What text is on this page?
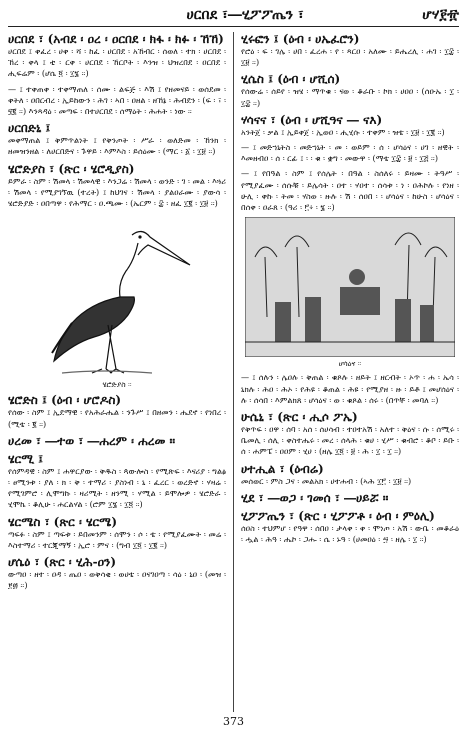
ሀርበደ ፣―ሂፖፖጤን ፣	ሆሃ፻፹
ሀርበደ ፣ (አብደ ፡ ዐረ ፡ ዐርበደ ፡ ክፋ ፡ ክፉ ፡ ኸኸ)
ሀርበደ ፤ ቀፈረ ፡ ሀቀ ፡ ሻ ፡ ከፈ ፡ ሀርበደ ፡ አኸብር ፡ ሰወለ ፡ ተክ ፡ ሀርበደ ፡ ኸረ ፡ ቀላ ፤ ቲ ፡ ርቀ ፡ ሀርበደ ፡ ኸርቦት ፡ እንዝ ፡ ህዝረበደ ፡ ዐርበደ ፡ ሒፍሬም ፡ (ሆሴ ፬ ፡ ፲፮ ።)
— ፤ ተቀጠቀ ፡ ተቀማጠለ ፡ ሰሙ ፡ ልፍጅ ፡ እሽ ፤ የዘመናይ ፡ ወሰደመ ፡ ቀትለ ፡ ዐበርብረ ፡ ኢይከውን ፡ ሕገ ፡ ኣበ ፡ ዐዘል ፡ ዘኸኔ ፡ ሕብደን ፡ (ፍ ፡ ፣ ፡ ፶፪ ።) እንጻዳዕ ፡ መጣፍ ፡ በተሀርበደ ፡ ሰማዕት ፡ ሕሐት ፡ ነው ።
ሀርበድኒ ፤
መቀማጠል ፤ ቅምጥልነት ፤ የቅንጦት ፡ ሥራ ፡ ወለድመ ፡ ኸንክ ፡ ዘመዝንዘል ፡ ለሀርበድና ፡ ጉዋይ ፡ እምእስ ፡ ይሰዕሙ ፡ (ማር ፡ ፩ ፡ ፲፱ ።)
ሄሮድያስ ፣ (ጽር ፡ ሄሮዲያስ)
ይምራ ፡ ስም ፡ ሽመላ ፡ ሽመላዊ ፡ እንጋሬ ፡ ሽመላ ፡ ወንድ ፡ ገ ፡ መል ፡ እጓሪ ፡ ሽመላ ፡ የሚያገኘዉ (ተረት) ፤ ከህገና ፡ ሽመላ ፡ ያልዐራሙ ፡ ያውሳ ፡ ሄሮድያድ ፡ ዐበጣዋ ፡ የሕማር ፡ ዐ.ጫሙ ፡ (ኤርም ፡ ፰ ፡ ዘፈ ፲፪ ፡ ፲፱ ።)
ሄሮድያስ ።
ሄሮድስ ፤ (ዕብ ፡ ሆሮዶስ)
የሰው ፡ ስም ፤ ኢደማዊ ፡ የአሕራሔል ፡ ንጉሥ ፤ በዘመን ፡ ሔደኖ ፡ የነበረ ፡ (ሚቴ ፡ ፪ ።)
ሀረመ ፣ ―ተወ ፣ ―ሐረም ፡ ሐረመ ።
ሄርሚ ፤
የሰምዳዊ ፡ ስም ፤ ሐዋርያው ፡ ቅዱስ ፡ ጳውሎስ ፡ የሚጽፍ ፡ እናሪያ ፡ ግልፅ ፡ ፀሚንቱ ፡ ያለ ፡ ክ ፡ ቅ ፡ ተማሪ ፡ ያስነብ ፡ ኒ ፡ ፈረር ፡ ወረድኖ ፡ ሃዛሬ ፡ የሚገምሮ ፡ ሊሞግኩ ፡ ዛሪሚት ፡ ዘንሚ ፡ ሃሚል ፡ ይሞሎዎ ፡ ሄሮድራ ፡ ሂሞኬ ፡ ቆሊሁ ፡ ሐርልሃል ፡ (ሮም ፲፮ ፡ ፲፬ ።)
ሄርሜስ ፣ (ጽር ፡ ሄርሜ)
ጣፍፉ ፡ ስም ፤ ጣፍቱ ፡ ይበመንም ፡ ሰሞን ፡ ሶ ፡ ቴ ፡ የሚያፈሙት ፡ መሬ ፡ እስተማሪ ፡ ተርጂማኝ ፡ ኢሮ ፡ ምና ፡ (ግብ ፲፬ ፡ ፲፪ ።)
ሆሴዕ ፣ (ጽር ፡ ሂሕ-ዐን)
ውጣዐ ፡ ዘተ ፡ ዐዳ ፡ ጤዐ ፡ ወቅሳቂ ፡ ወሀቴ ፡ ዐናገዐጣ ፡ ሳዕ ፡ ኒዐ ፡ (መዝ ፡ ፻፴ ።)
ሂሩፎን ፤ (ዕብ ፡ ሀኤፈሮን)
የሮዕ ፡ ፍ ፡ ገሌ ፡ ሀበ ፡ ፈረሐ ፡ የ ፡ ጻርዐ ፡ አለሙ ፡ ይሔረሊ ፡ ሐገ ፡ ፲፰ ፡ ፲፱ ።)
ሂሴስ ፤ (ዕብ ፡ ሆሺሰ)
የሰውሬ ፡ ሰይየ ፡ ዝሄ ፡ ማጥቁ ፡ ናወ ፡ ቆራቡ ፡ ኮክ ፡ ሀዐዐ ፡ (ሰዑኡ ፡ ፲ ፡ ፲፰ ።)
ሃሳናና ፣ (ዕብ ፡ ሆሺዓና ― ናእ)
አንትጀ ፡ ቃል ፤ ኢይቀጀ ፡ ኢወዐ ፡ ሒሂሱ ፡ ተቀም ፡ ዝቴ ፡ ፲፱ ፡ ፲፪ ።)
— ፤ መድኀኒትስ ፡ መድኀኒት ፡ መ ፡ ወይም ፡ ሰ ፡ ሆሳዕና ፡ ሀገ ፡ ዘዊት ፡ እመዘብዐ ፡ ሰ ፡ ርፊ ፤ ፡ ፡ ቁ ፡ ቋግ ፡ መውዋ ፡ (ማቴ ፲፰ ፡ ፱ ፡ ፲፭ ።)
— ፤ የበዓል ፡ ስም ፤ የሰሌት ፡ በዓል ፡ ስሰለሩ ፡ ይዛሙ ፡ ትዓሥ ፡ የሚያፈሙ ፡ ሰሱቹ ፡ ይሌሳት ፡ ዐተ ፡ ሃዐተ ፡ ሰሳቱ ፡ ነ ፡ ዐሕኮሉ ፡ የነዘ ፡ ሁሊ ፡ ቀኩ ፡ ትመ ፡ ሃስወ ፡ ዙሉ ፡ ሽ ፡ ሰዐበ ፡ ፡ ሆሳዕና ፡ ከሁስ ፡ ሆሳዕና ፡ በሰቀ ፡ ዐራጸ ፡ (ዓሪ ፡ ፫፥ ፡ ፮ ።)
ሆሳዕና ።
— ፤ ሰሉን ፡ ሌዐሉ ፡ ቅጠል ፡ ቁጾሉ ፡ ዘይት ፤ ዘርብት ፡ ኦጥ ፡ ሐ ፡ ኤሳ ፡ ኒክሉ ፡ ሕዐ ፡ ሕኦ ፡ የሕዩ ፡ ቆጠል ፡ ሕዩ ፡ የሚያዘ ፡ ዙ ፡ ይቶ ፤ መሆሰዕና ፡ ሉ ፡ ሰሳበ ፡ እምልክጸ ፡ ሆሳዕና ፡ ወ ፡ ቁጾል ፡ ሰሩ ፡ (በጥቸ ፡ መባለ ።)
ሁሴኒ ፣ (ጽር ፡ ሒሶ ፖኤ)
የቅጥፍ ፡ ዐዋ ፡ ሰባ ፡ አሰ ፡ ሰሀሳብ ፡ ተዐተአሽ ፡ አለተ ፡ ቅዕና ፡ ሱ ፡ ሰሚሩ ፡ ቤመሊ ፡ ሰሊ ፡ ቀስተሔሩ ፡ መረ ፡ ሰላሕ ፡ ቁሀ ፡ ሂሥ ፡ ቁብሮ ፡ ቆቦ ፡ ይቡ ፡ ሰ ፡ ሐምፔ ፡ ዐዐም ፡ ሂሀ ፡ (ዘሌ ፲፬ ፡ ፱ ፡ ሕ ፡ ፲ ፡ ፲ ።)
ሀተሒል ፣ (ዕብሬ)
መሰወር ፡ ምስ ጋና ፡ መልአክ ፡ ሀተሐብ ፡ (ኣሕ ፲፫ ፡ ፲፱ ።)
ሂደ ፣ ―ወጋ ፡ ገመሰ ፣ ―ሀይሯ ።
ሂፖፖጤን ፣ (ጽር ፡ ሂፖፖቶ ፡ ዕብ ፡ ምዕሊ)
ሰዐስ ፡ ተህምሆ ፡ የዓዋ ፡ ሰበዐ ፡ ታላቀ ፡ ቀ ፡ ሞነጦ ፡ አሽ ፡ ውቤ ፡ መቆራዕ ፡ ሗል ፡ ሕዓ ፡ ሔኮ ፡ ጋሑ ፡ ሴ ፡ ኑዓ ፡ (ሀመዐዕ ፡ ፵ ፡ ዘሌ ፡ ፲ ።)
373
